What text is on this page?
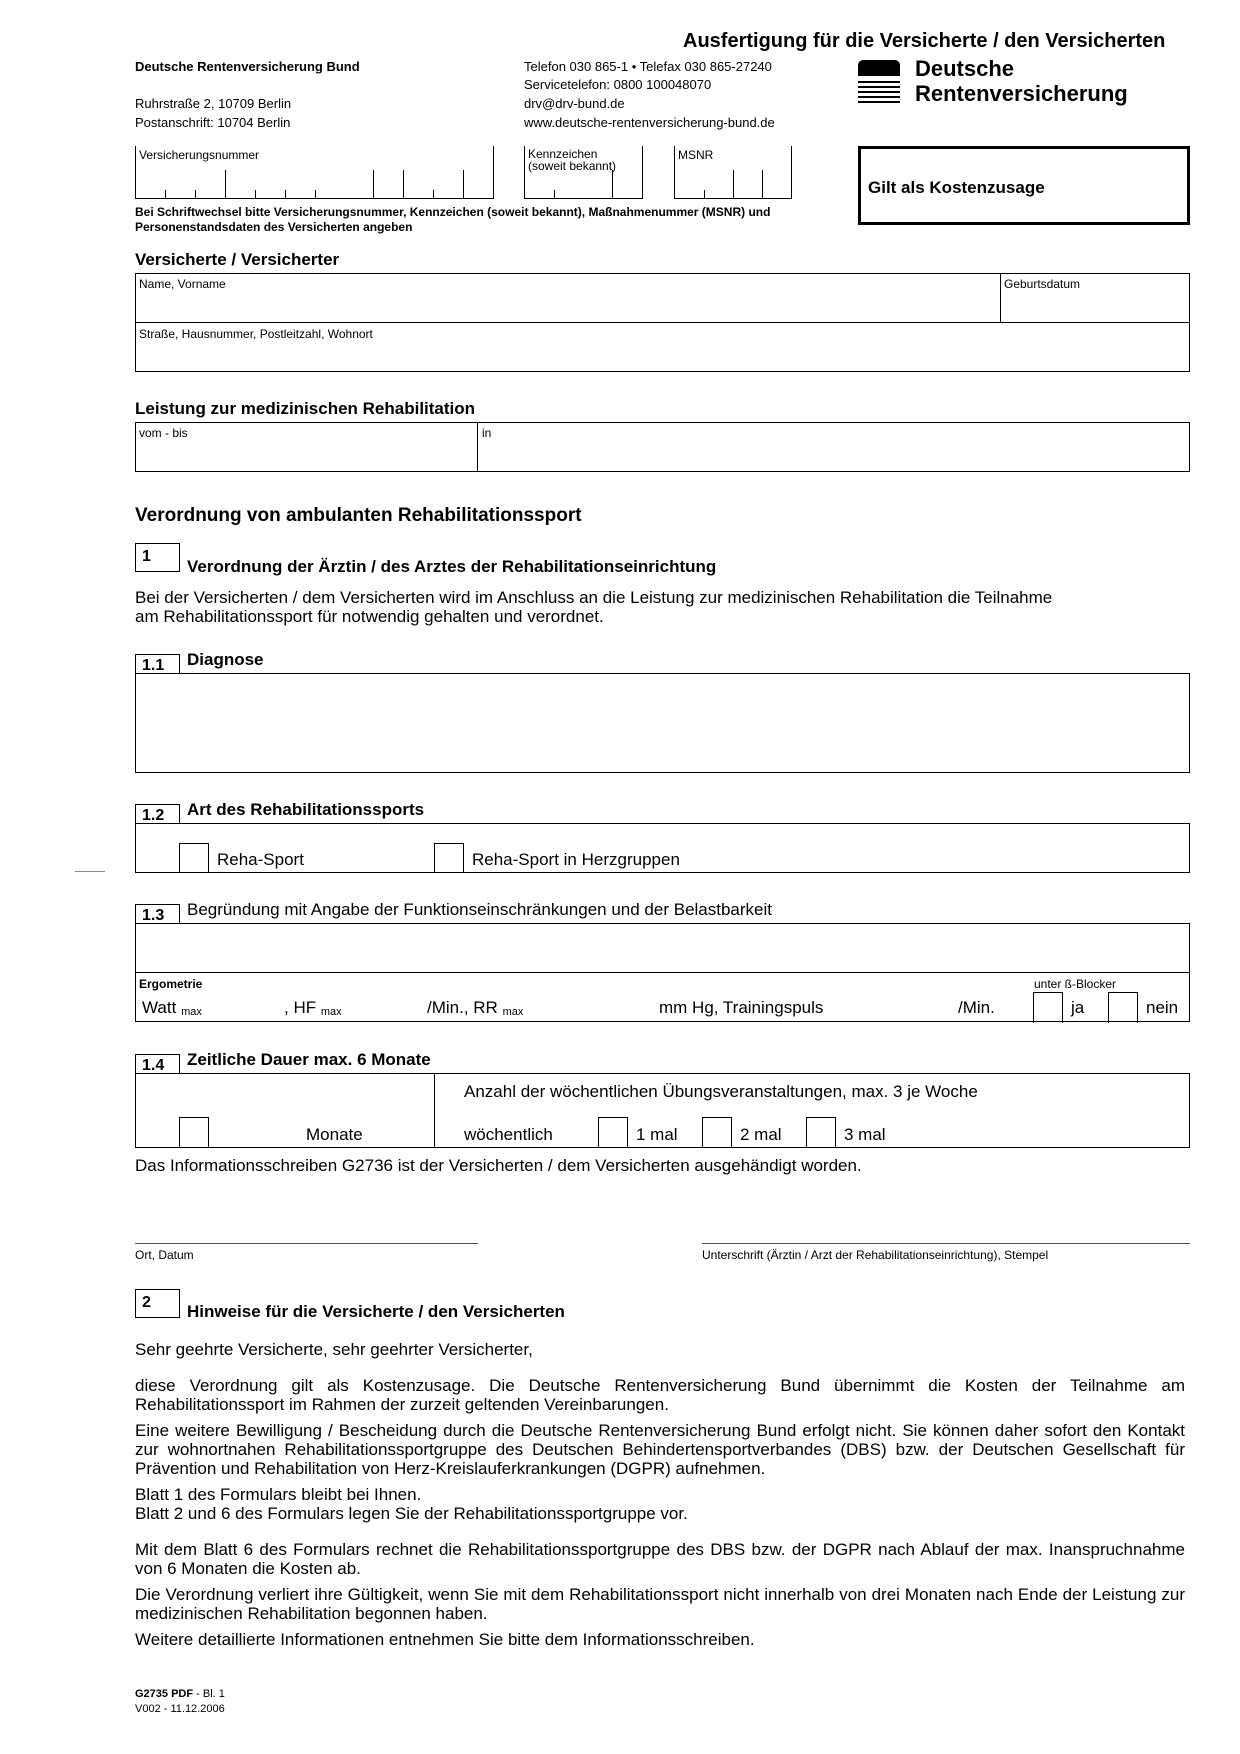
Ausfertigung für die Versicherte / den Versicherten
Deutsche Rentenversicherung Bund
Ruhrstraße 2, 10709 Berlin
Postanschrift: 10704 Berlin
Telefon 030 865-1 • Telefax 030 865-27240
Servicetelefon: 0800 100048070
drv@drv-bund.de
www.deutsche-rentenversicherung-bund.de
Deutsche
Rentenversicherung
Versicherungsnummer	Kennzeichen
(soweit bekannt)
MSNR
Gilt als Kostenzusage
Bei Schriftwechsel bitte Versicherungsnummer, Kennzeichen (soweit bekannt), Maßnahmenummer (MSNR) und
Personenstandsdaten des Versicherten angeben
Versicherte / Versicherter
Name, Vorname	Geburtsdatum
Straße, Hausnummer, Postleitzahl, Wohnort
Leistung zur medizinischen Rehabilitation
vom - bis	in
Verordnung von ambulanten Rehabilitationssport
1
Verordnung der Ärztin / des Arztes der Rehabilitationseinrichtung
Bei der Versicherten / dem Versicherten wird im Anschluss an die Leistung zur medizinischen Rehabilitation die Teilnahme
am Rehabilitationssport für notwendig gehalten und verordnet.
1.1	Diagnose
1.2	Art des Rehabilitationssports
Reha-Sport	Reha-Sport in Herzgruppen
1.3	Begründung mit Angabe der Funktionseinschränkungen und der Belastbarkeit
Ergometrie	unter ß-Blocker
Watt max	, HF max	/Min., RR max	mm Hg, Trainingspuls	/Min.	ja	nein
1.4	Zeitliche Dauer max. 6 Monate
Anzahl der wöchentlichen Übungsveranstaltungen, max. 3 je Woche
Monate	wöchentlich	1 mal	2 mal	3 mal
Das Informationsschreiben G2736 ist der Versicherten / dem Versicherten ausgehändigt worden.
Ort, Datum	Unterschrift (Ärztin / Arzt der Rehabilitationseinrichtung), Stempel
2	Hinweise für die Versicherte / den Versicherten
Sehr geehrte Versicherte, sehr geehrter Versicherter,
diese Verordnung gilt als Kostenzusage. Die Deutsche Rentenversicherung Bund übernimmt die Kosten der Teilnahme am Rehabilitationssport im Rahmen der zurzeit geltenden Vereinbarungen.
Eine weitere Bewilligung / Bescheidung durch die Deutsche Rentenversicherung Bund erfolgt nicht. Sie können daher sofort den Kontakt zur wohnortnahen Rehabilitationssportgruppe des Deutschen Behindertensportverbandes (DBS) bzw. der Deutschen Gesellschaft für Prävention und Rehabilitation von Herz-Kreislauferkrankungen (DGPR) aufnehmen.
Blatt 1 des Formulars bleibt bei Ihnen.
Blatt 2 und 6 des Formulars legen Sie der Rehabilitationssportgruppe vor.
Mit dem Blatt 6 des Formulars rechnet die Rehabilitationssportgruppe des DBS bzw. der DGPR nach Ablauf der max. Inanspruchnahme von 6 Monaten die Kosten ab.
Die Verordnung verliert ihre Gültigkeit, wenn Sie mit dem Rehabilitationssport nicht innerhalb von drei Monaten nach Ende der Leistung zur medizinischen Rehabilitation begonnen haben.
Weitere detaillierte Informationen entnehmen Sie bitte dem Informationsschreiben.
G2735 PDF - Bl. 1
V002 - 11.12.2006
